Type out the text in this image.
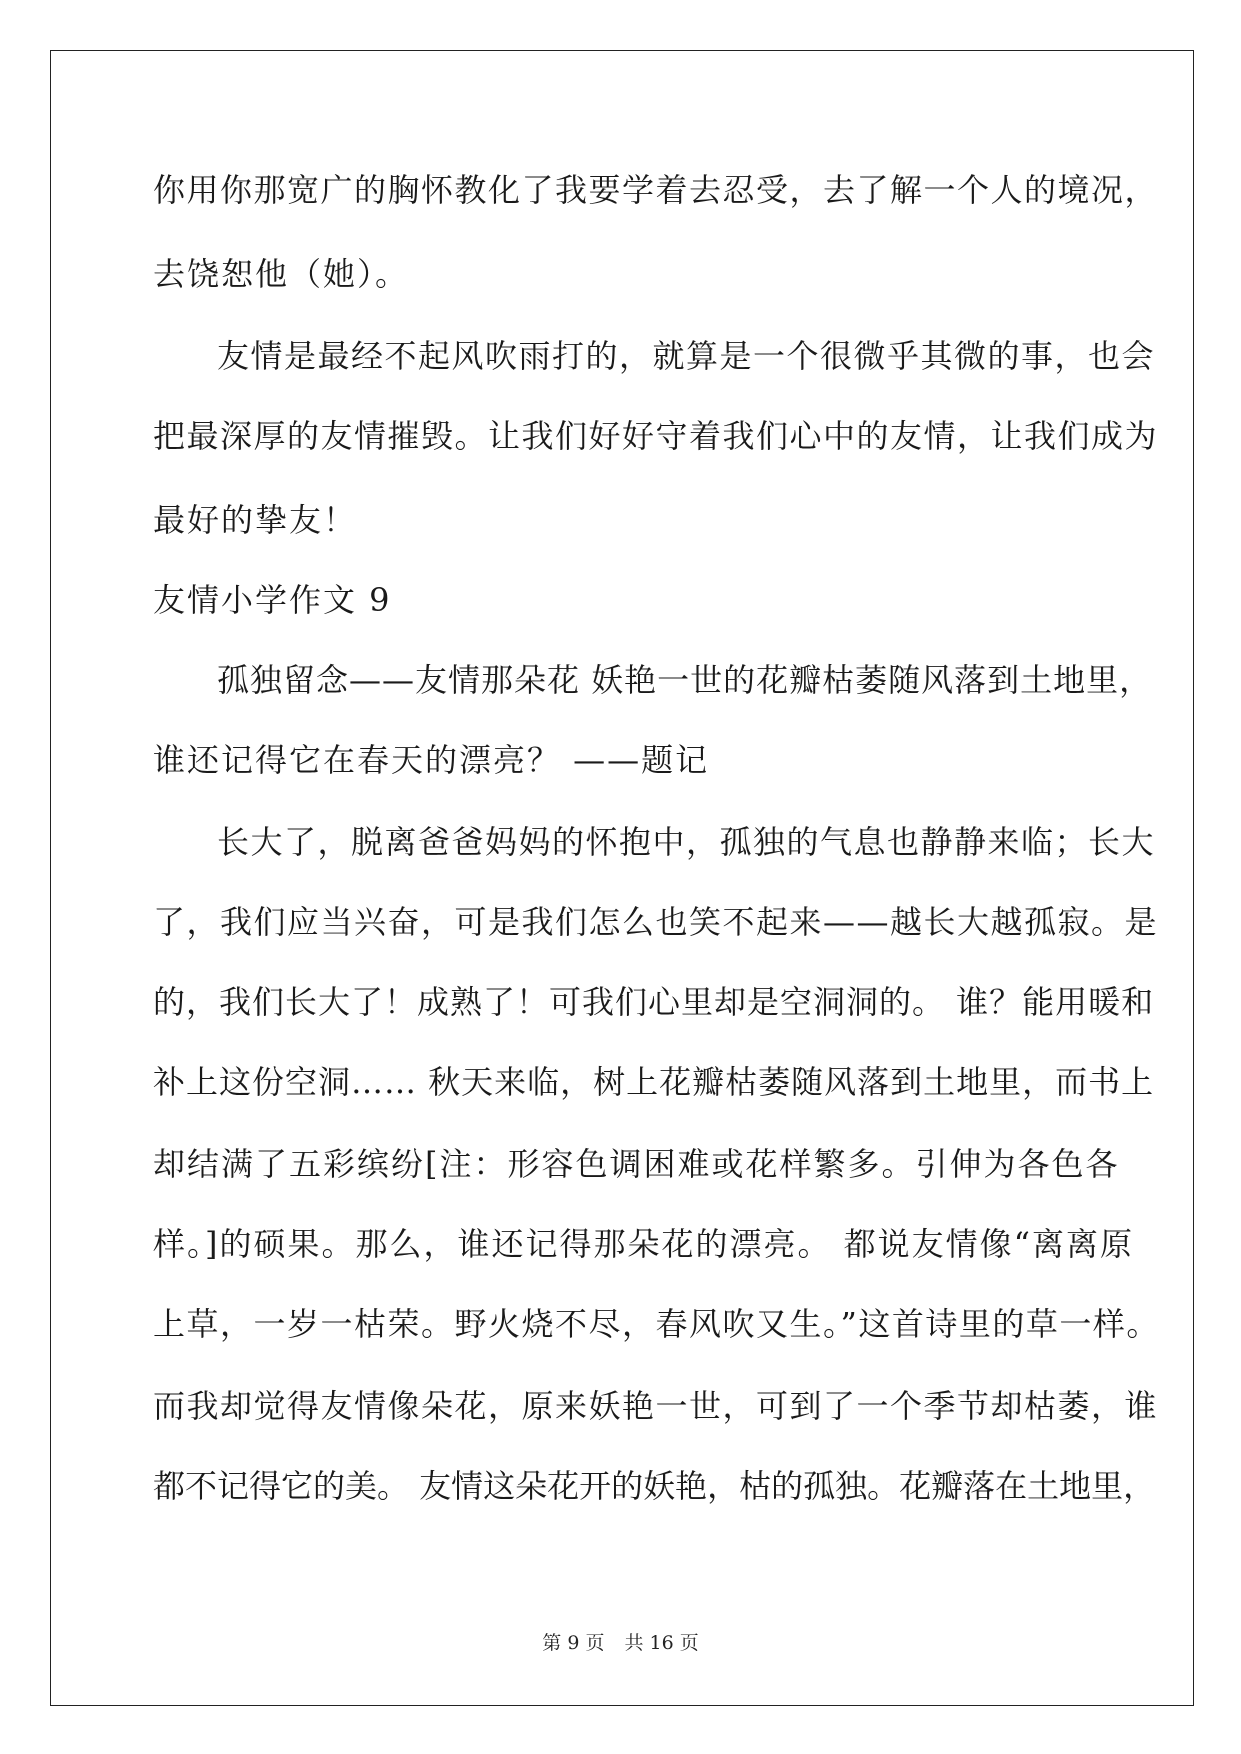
你用你那宽广的胸怀教化了我要学着去忍受，去了解一个人的境况，
去饶恕他（她）。
友情是最经不起风吹雨打的，就算是一个很微乎其微的事，也会
把最深厚的友情摧毁。让我们好好守着我们心中的友情，让我们成为
最好的挚友！
友情小学作文 9
孤独留念——友情那朵花 妖艳一世的花瓣枯萎随风落到土地里，
谁还记得它在春天的漂亮？ ——题记
长大了，脱离爸爸妈妈的怀抱中，孤独的气息也静静来临；长大
了，我们应当兴奋，可是我们怎么也笑不起来——越长大越孤寂。是
的，我们长大了！成熟了！可我们心里却是空洞洞的。 谁？能用暖和
补上这份空洞…… 秋天来临，树上花瓣枯萎随风落到土地里，而书上
却结满了五彩缤纷[注：形容色调困难或花样繁多。引伸为各色各
样。]的硕果。那么，谁还记得那朵花的漂亮。 都说友情像“离离原
上草，一岁一枯荣。野火烧不尽，春风吹又生。”这首诗里的草一样。
而我却觉得友情像朵花，原来妖艳一世，可到了一个季节却枯萎，谁
都不记得它的美。 友情这朵花开的妖艳，枯的孤独。花瓣落在土地里，
第 9 页 共 16 页
